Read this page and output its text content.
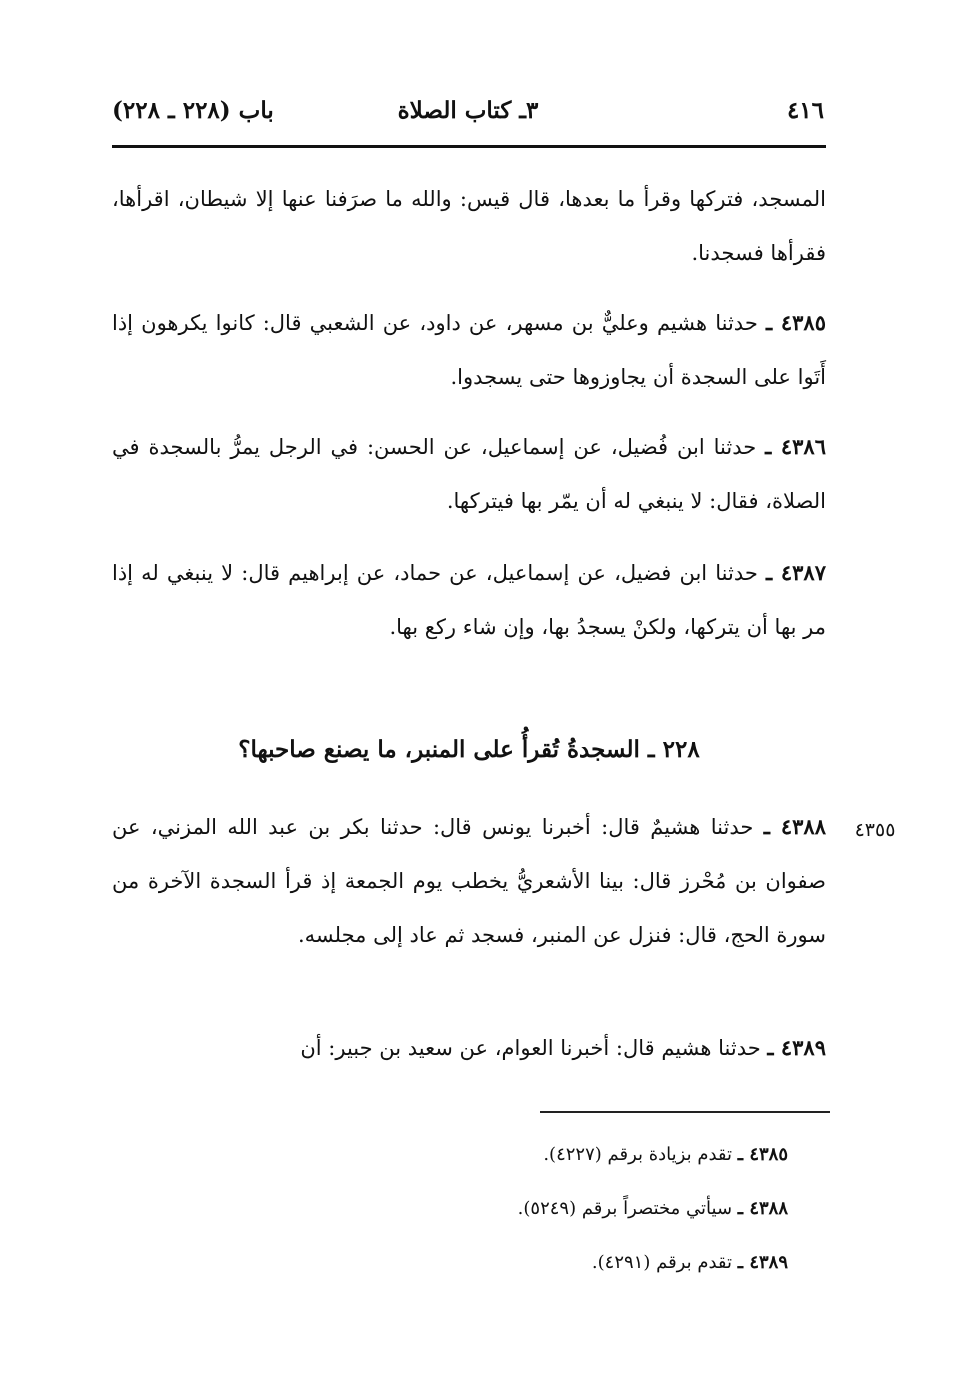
٤١٦
٣ـ كتاب الصلاة
باب (٢٢٨ ـ ٢٢٨)

المسجد، فتركها وقرأ ما بعدها، قال قيس: والله ما صرَفنا عنها إلا شيطان، اقرأها، فقرأها فسجدنا.

٤٣٨٥ ـ حدثنا هشيم وعليٌّ بن مسهر، عن داود، عن الشعبي قال: كانوا يكرهون إذا أَتَوا على السجدة أن يجاوزوها حتى يسجدوا.

٤٣٨٦ ـ حدثنا ابن فُضيل، عن إسماعيل، عن الحسن: في الرجل يمرُّ بالسجدة في الصلاة، فقال: لا ينبغي له أن يمّر بها فيتركها.

٤٣٨٧ ـ حدثنا ابن فضيل، عن إسماعيل، عن حماد، عن إبراهيم قال: لا ينبغي له إذا مر بها أن يتركها، ولكنْ يسجدُ بها، وإن شاء ركع بها.

٢٢٨ ـ السجدةُ تُقرأُ على المنبر، ما يصنع صاحبها؟
٤٣٥٥

٤٣٨٨ ـ حدثنا هشيمٌ قال: أخبرنا يونس قال: حدثنا بكر بن عبد الله المزني، عن صفوان بن مُحْرز قال: بينا الأشعريُّ يخطب يوم الجمعة إذ قرأ السجدة الآخرة من سورة الحج، قال: فنزل عن المنبر، فسجد ثم عاد إلى مجلسه.

٤٣٨٩ ـ حدثنا هشيم قال: أخبرنا العوام، عن سعيد بن جبير: أن

٤٣٨٥ ـ تقدم بزيادة برقم (٤٢٢٧).
٤٣٨٨ ـ سيأتي مختصراً برقم (٥٢٤٩).
٤٣٨٩ ـ تقدم برقم (٤٢٩١).
